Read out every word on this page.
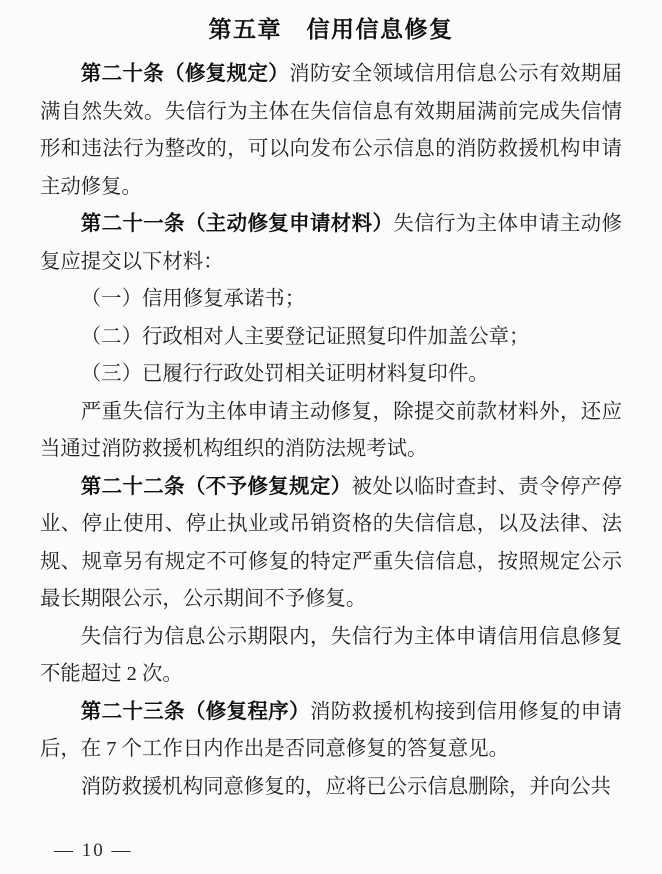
第五章　信用信息修复

第二十条（修复规定）消防安全领域信用信息公示有效期届满自然失效。失信行为主体在失信信息有效期届满前完成失信情形和违法行为整改的，可以向发布公示信息的消防救援机构申请主动修复。

第二十一条（主动修复申请材料）失信行为主体申请主动修复应提交以下材料：

（一）信用修复承诺书；

（二）行政相对人主要登记证照复印件加盖公章；

（三）已履行行政处罚相关证明材料复印件。

严重失信行为主体申请主动修复，除提交前款材料外，还应当通过消防救援机构组织的消防法规考试。

第二十二条（不予修复规定）被处以临时查封、责令停产停业、停止使用、停止执业或吊销资格的失信信息，以及法律、法规、规章另有规定不可修复的特定严重失信信息，按照规定公示最长期限公示，公示期间不予修复。

失信行为信息公示期限内，失信行为主体申请信用信息修复不能超过 2 次。

第二十三条（修复程序）消防救援机构接到信用修复的申请后，在 7 个工作日内作出是否同意修复的答复意见。

消防救援机构同意修复的，应将已公示信息删除，并向公共

— 10 —
